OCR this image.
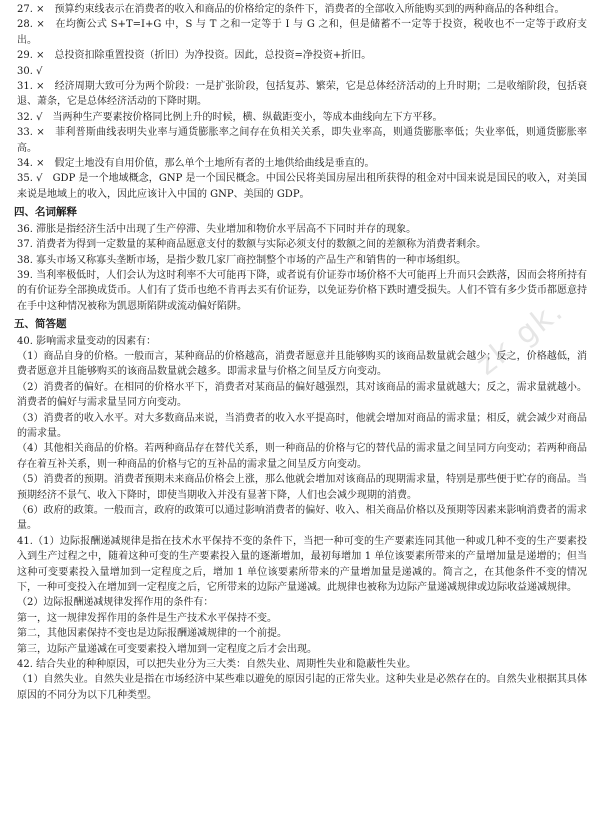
27. ×　预算约束线表示在消费者的收入和商品的价格给定的条件下，消费者的全部收入所能购买到的两种商品的各种组合。

28. ×　在均衡公式 S+T=I+G 中，S 与 T 之和一定等于 I 与 G 之和，但是储蓄不一定等于投资，税收也不一定等于政府支出。

29. ×　总投资扣除重置投资（折旧）为净投资。因此，总投资=净投资+折旧。

30. √

31. ×　经济周期大致可分为两个阶段：一是扩张阶段，包括复苏、繁荣，它是总体经济活动的上升时期；二是收缩阶段，包括衰退、萧条，它是总体经济活动的下降时期。

32. √　当两种生产要素按价格同比例上升的时候，横、纵截距变小，等成本曲线向左下方平移。

33. ×　菲利普斯曲线表明失业率与通货膨胀率之间存在负相关关系，即失业率高，则通货膨胀率低；失业率低，则通货膨胀率高。

34. ×　假定土地没有自用价值，那么单个土地所有者的土地供给曲线是垂直的。

35. √　GDP 是一个地域概念，GNP 是一个国民概念。中国公民将美国房屋出租所获得的租金对中国来说是国民的收入，对美国来说是地域上的收入，因此应该计入中国的 GNP、美国的 GDP。

四、名词解释

36. 滞胀是指经济生活中出现了生产停滞、失业增加和物价水平居高不下同时并存的现象。

37. 消费者为得到一定数量的某种商品愿意支付的数额与实际必须支付的数额之间的差额称为消费者剩余。

38. 寡头市场又称寡头垄断市场，是指少数几家厂商控制整个市场的产品生产和销售的一种市场组织。

39. 当利率极低时，人们会认为这时利率不大可能再下降，或者说有价证券市场价格不大可能再上升而只会跌落，因而会将所持有的有价证券全部换成货币。人们有了货币也绝不肯再去买有价证券，以免证券价格下跌时遭受损失。人们不管有多少货币都愿意持在手中这种情况被称为凯恩斯陷阱或流动偏好陷阱。

五、简答题

40. 影响需求量变动的因素有：

（1）商品自身的价格。一般而言，某种商品的价格越高，消费者愿意并且能够购买的该商品数量就会越少；反之，价格越低，消费者愿意并且能够购买的该商品数量就会越多。即需求量与价格之间呈反方向变动。

（2）消费者的偏好。在相同的价格水平下，消费者对某商品的偏好越强烈，其对该商品的需求量就越大；反之，需求量就越小。消费者的偏好与需求量呈同方向变动。

（3）消费者的收入水平。对大多数商品来说，当消费者的收入水平提高时，他就会增加对商品的需求量；相反，就会减少对商品的需求量。

（4）其他相关商品的价格。若两种商品存在替代关系，则一种商品的价格与它的替代品的需求量之间呈同方向变动；若两种商品存在着互补关系，则一种商品的价格与它的互补品的需求量之间呈反方向变动。

（5）消费者的预期。消费者预期未来商品价格会上涨，那么他就会增加对该商品的现期需求量，特别是那些便于贮存的商品。当预期经济不景气、收入下降时，即使当期收入并没有显著下降，人们也会减少现期的消费。

（6）政府的政策。一般而言，政府的政策可以通过影响消费者的偏好、收入、相关商品价格以及预期等因素来影响消费者的需求量。

41.（1）边际报酬递减规律是指在技术水平保持不变的条件下，当把一种可变的生产要素连同其他一种或几种不变的生产要素投入到生产过程之中，随着这种可变的生产要素投入量的逐渐增加，最初每增加 1 单位该要素所带来的产量增加量是递增的；但当这种可变要素投入量增加到一定程度之后，增加 1 单位该要素所带来的产量增加量是递减的。简言之，在其他条件不变的情况下，一种可变投入在增加到一定程度之后，它所带来的边际产量递减。此规律也被称为边际产量递减规律或边际收益递减规律。

（2）边际报酬递减规律发挥作用的条件有：

第一，这一规律发挥作用的条件是生产技术水平保持不变。

第二，其他因素保持不变也是边际报酬递减规律的一个前提。

第三，边际产量递减在可变要素投入增加到一定程度之后才会出现。

42. 结合失业的种种原因，可以把失业分为三大类：自然失业、周期性失业和隐蔽性失业。

（1）自然失业。自然失业是指在市场经济中某些难以避免的原因引起的正常失业。这种失业是必然存在的。自然失业根据其具体原因的不同分为以下几种类型。

zk gk.
